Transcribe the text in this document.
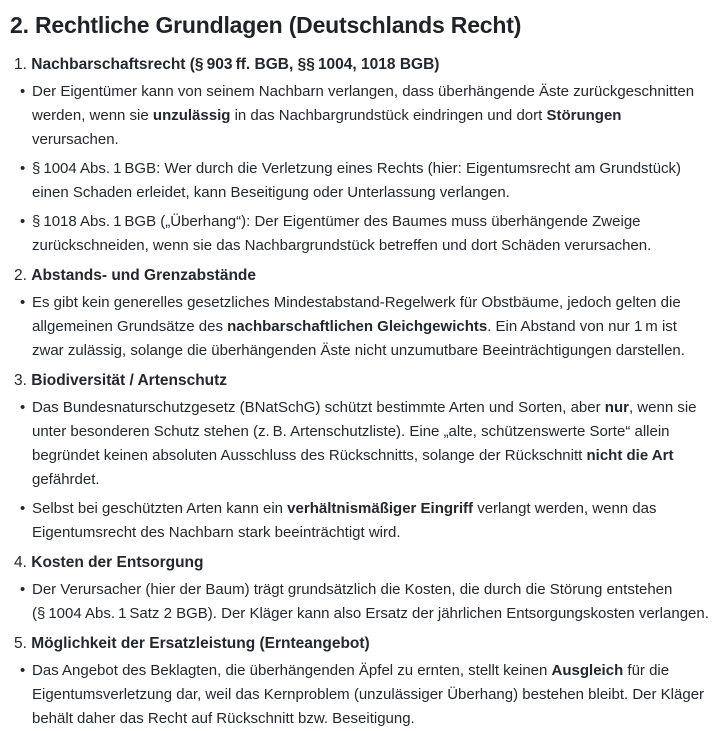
2. Rechtliche Grundlagen (Deutschlands Recht)

1. Nachbarschaftsrecht (§ 903 ff. BGB, §§ 1004, 1018 BGB)

•
Der Eigentümer kann von seinem Nachbarn verlangen, dass überhängende Äste zurückgeschnitten werden, wenn sie unzulässig in das Nachbargrundstück eindringen und dort Störungen verursachen.
•
§ 1004 Abs. 1 BGB: Wer durch die Verletzung eines Rechts (hier: Eigentumsrecht am Grundstück) einen Schaden erleidet, kann Beseitigung oder Unterlassung verlangen.
•
§ 1018 Abs. 1 BGB („Überhang“): Der Eigentümer des Baumes muss überhängende Zweige zurückschneiden, wenn sie das Nachbargrundstück betreffen und dort Schäden verursachen.

2. Abstands- und Grenzabstände

•
Es gibt kein generelles gesetzliches Mindestabstand-Regelwerk für Obstbäume, jedoch gelten die allgemeinen Grundsätze des nachbarschaftlichen Gleichgewichts. Ein Abstand von nur 1 m ist zwar zulässig, solange die überhängenden Äste nicht unzumutbare Beeinträchtigungen darstellen.

3. Biodiversität / Artenschutz

•
Das Bundesnaturschutzgesetz (BNatSchG) schützt bestimmte Arten und Sorten, aber nur, wenn sie unter besonderen Schutz stehen (z. B. Artenschutzliste). Eine „alte, schützenswerte Sorte“ allein begründet keinen absoluten Ausschluss des Rückschnitts, solange der Rückschnitt nicht die Art gefährdet.
•
Selbst bei geschützten Arten kann ein verhältnismäßiger Eingriff verlangt werden, wenn das Eigentumsrecht des Nachbarn stark beeinträchtigt wird.

4. Kosten der Entsorgung

•
Der Verursacher (hier der Baum) trägt grundsätzlich die Kosten, die durch die Störung entstehen (§ 1004 Abs. 1 Satz 2 BGB). Der Kläger kann also Ersatz der jährlichen Entsorgungskosten verlangen.

5. Möglichkeit der Ersatzleistung (Ernteangebot)

•
Das Angebot des Beklagten, die überhängenden Äpfel zu ernten, stellt keinen Ausgleich für die Eigentumsverletzung dar, weil das Kernproblem (unzulässiger Überhang) bestehen bleibt. Der Kläger behält daher das Recht auf Rückschnitt bzw. Beseitigung.
